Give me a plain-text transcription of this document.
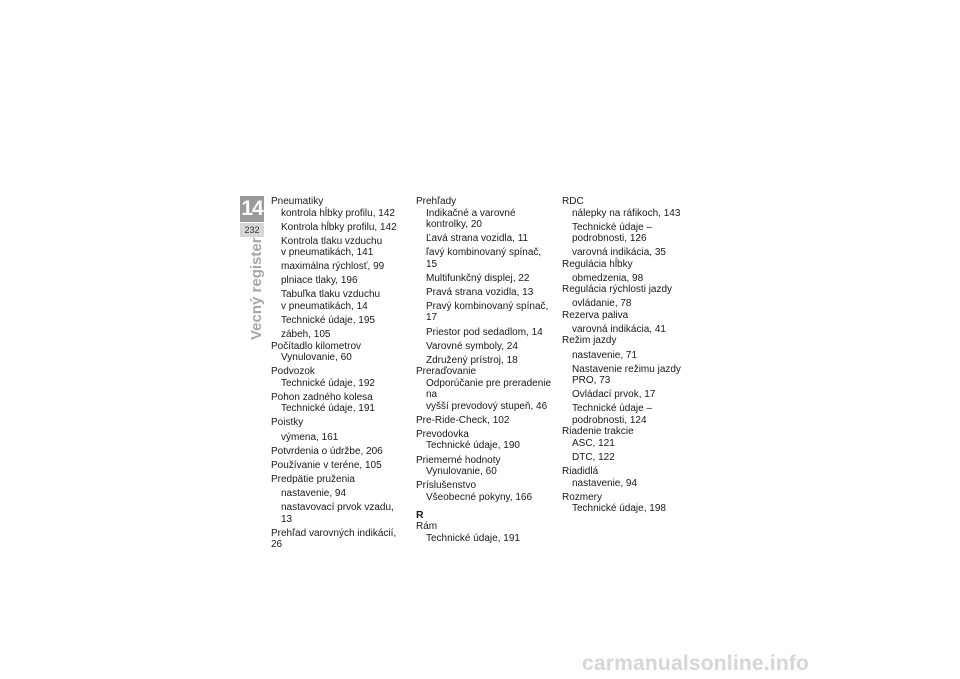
14
232
Vecný register
Pneumatiky
kontrola hĺbky profilu, 142
Kontrola hĺbky profilu, 142
Kontrola tlaku vzduchu
v pneumatikách, 141
maximálna rýchlosť, 99
plniace tlaky, 196
Tabuľka tlaku vzduchu
v pneumatikách, 14
Technické údaje, 195
zábeh, 105
Počítadlo kilometrov
Vynulovanie, 60
Podvozok
Technické údaje, 192
Pohon zadného kolesa
Technické údaje, 191
Poistky
výmena, 161
Potvrdenia o údržbe, 206
Používanie v teréne, 105
Predpätie pruženia
nastavenie, 94
nastavovací prvok vzadu, 13
Prehľad varovných indikácií, 26
Prehľady
Indikačné a varovné
kontrolky, 20
Ľavá strana vozidla, 11
ľavý kombinovaný spínač, 15
Multifunkčný displej, 22
Pravá strana vozidla, 13
Pravý kombinovaný spínač, 17
Priestor pod sedadlom, 14
Varovné symboly, 24
Združený prístroj, 18
Preraďovanie
Odporúčanie pre preradenie na
vyšší prevodový stupeň, 46
Pre-Ride-Check, 102
Prevodovka
Technické údaje, 190
Priemerné hodnoty
Vynulovanie, 60
Príslušenstvo
Všeobecné pokyny, 166
R
Rám
Technické údaje, 191
RDC
nálepky na ráfikoch, 143
Technické údaje –
podrobnosti, 126
varovná indikácia, 35
Regulácia hĺbky
obmedzenia, 98
Regulácia rýchlosti jazdy
ovládanie, 78
Rezerva paliva
varovná indikácia, 41
Režim jazdy
nastavenie, 71
Nastavenie režimu jazdy
PRO, 73
Ovládací prvok, 17
Technické údaje –
podrobnosti, 124
Riadenie trakcie
ASC, 121
DTC, 122
Riadidlá
nastavenie, 94
Rozmery
Technické údaje, 198
carmanualsonline.info
